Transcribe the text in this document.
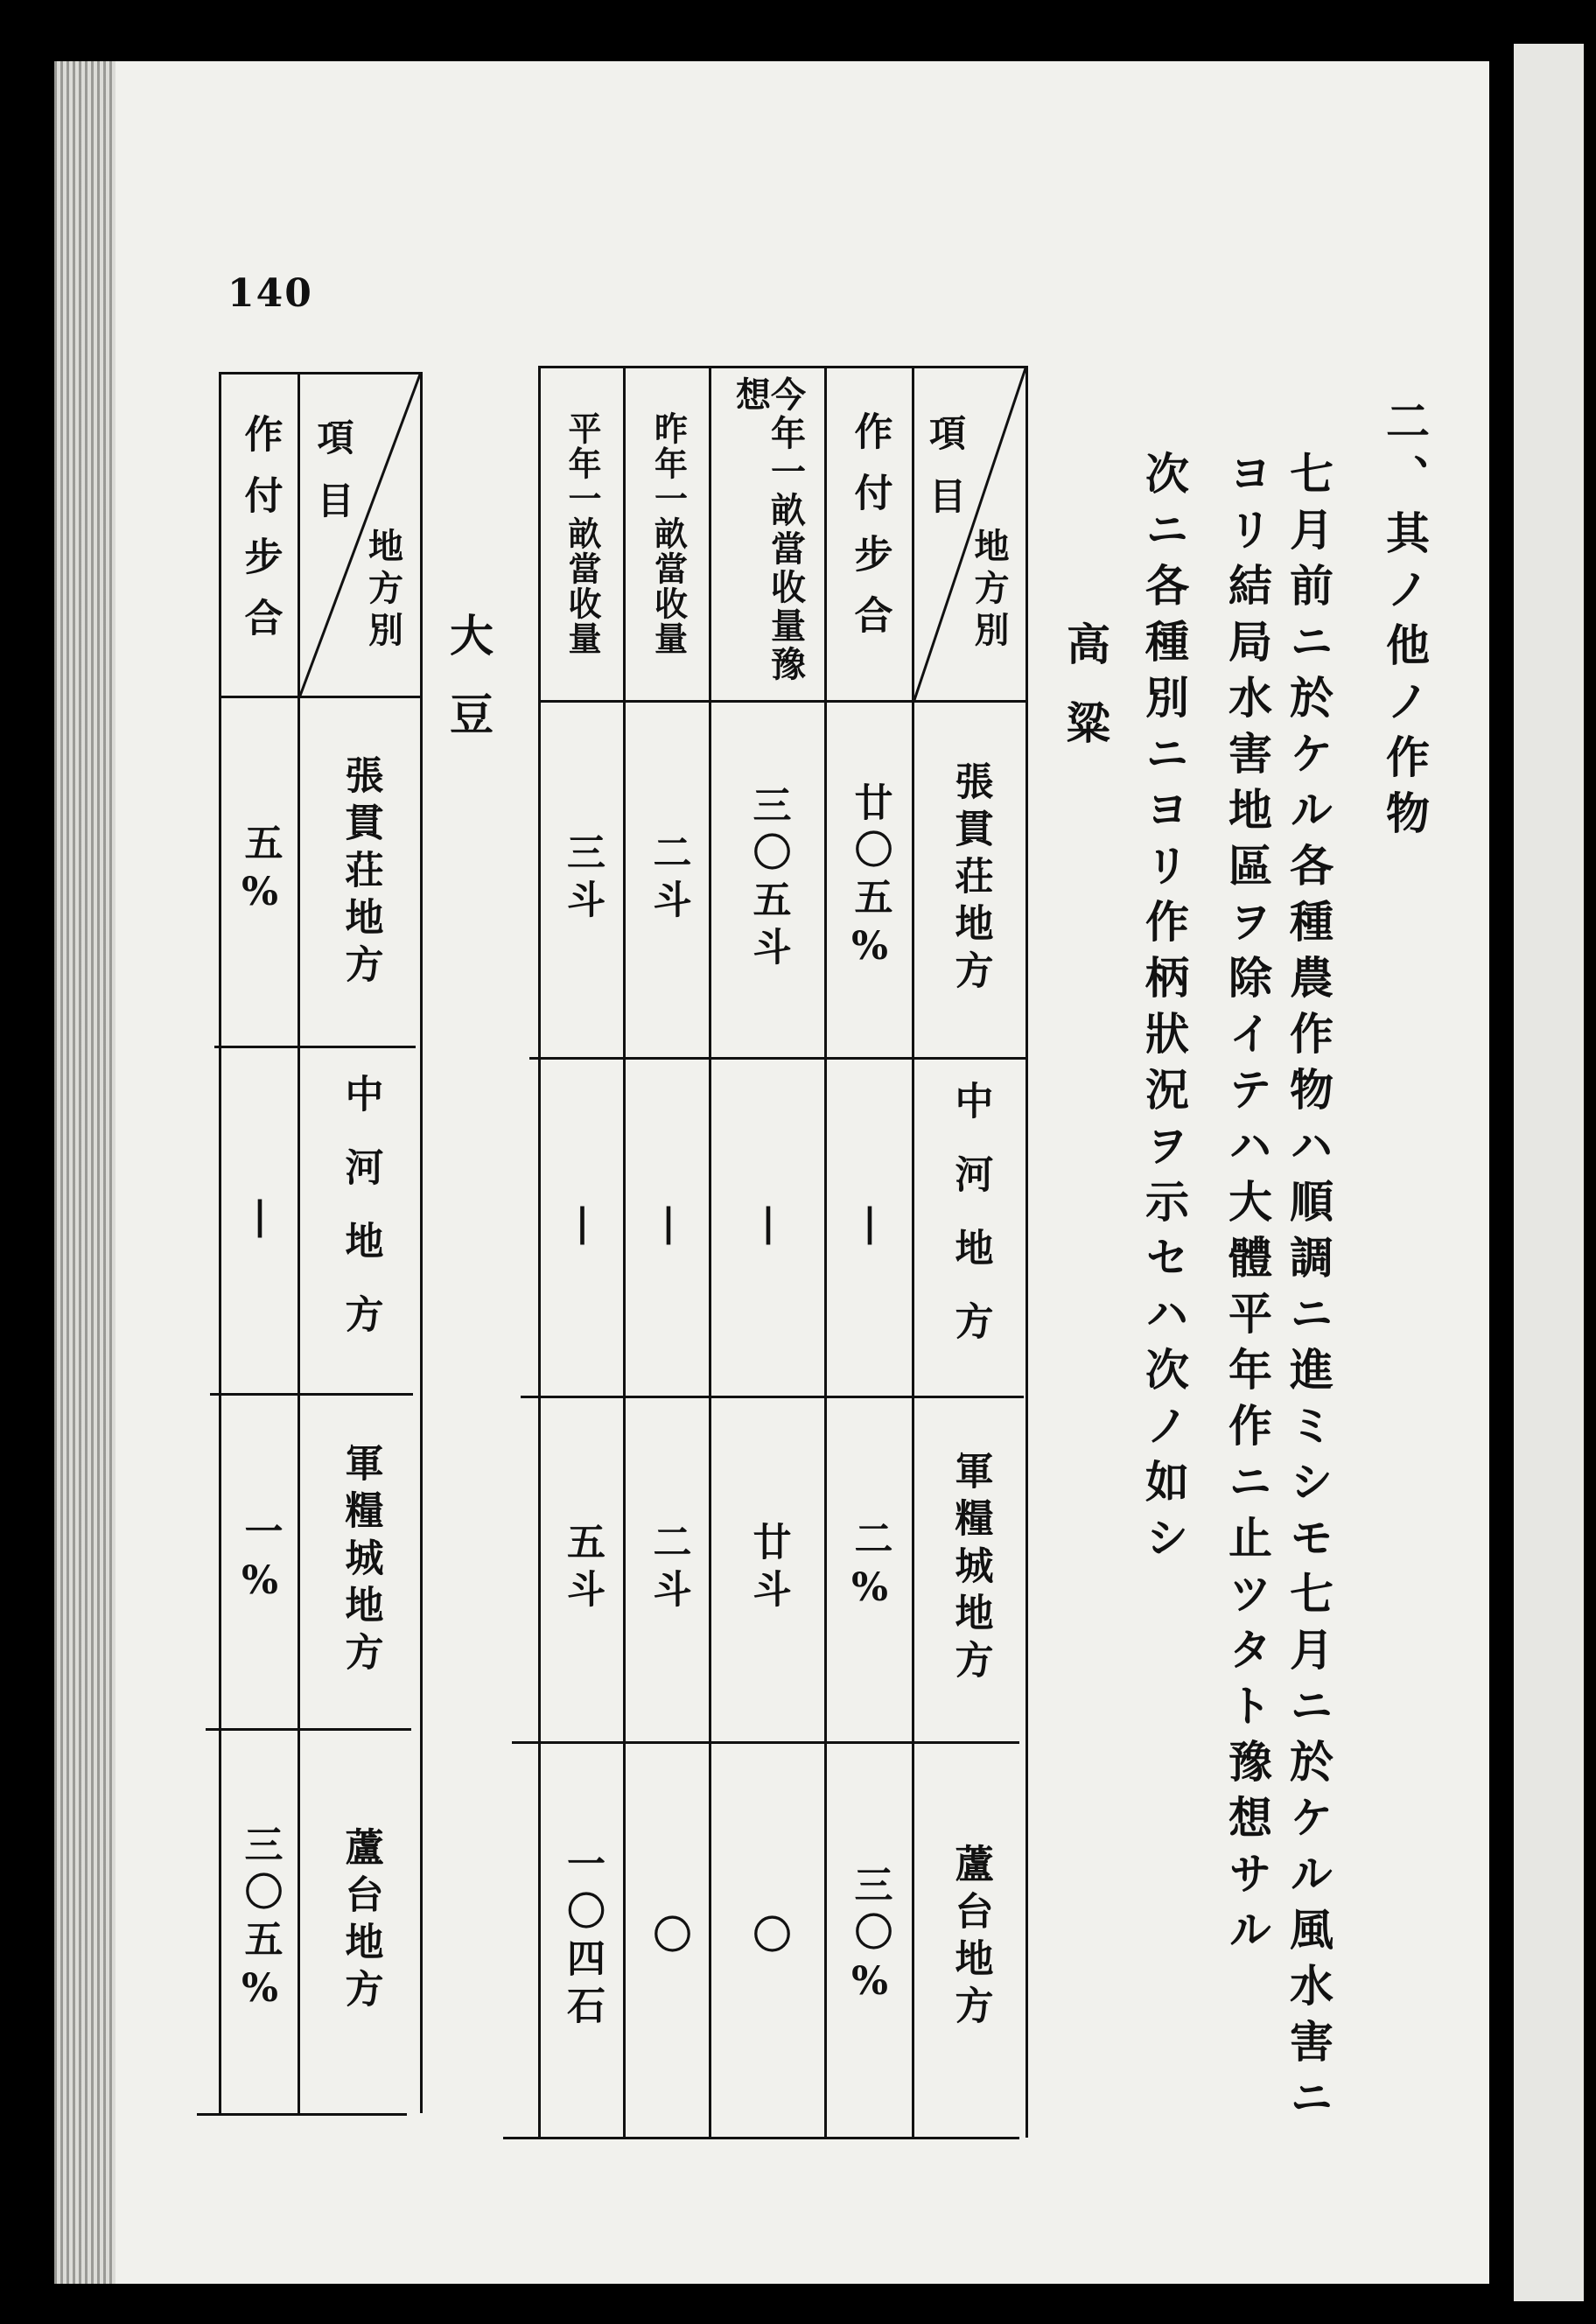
140
二、其ノ他ノ作物
七月前ニ於ケル各種農作物ハ順調ニ進ミシモ七月ニ於ケル風水害ニ
ヨリ結局水害地區ヲ除イテハ大體平年作ニ止ツタト豫想サル
次ニ各種別ニヨリ作柄狀況ヲ示セハ次ノ如シ
高粱
大豆
項目
地方別
作付步合
今年一畝當收量豫想
昨年一畝當收量
平年一畝當收量
張貫荘地方
廿〇五%
三〇五斗
二斗
三斗
中河地方
|
|
|
|
軍糧城地方
二%
廿斗
二斗
五斗
蘆台地方
三〇%
〇
〇
一〇四石
項目
地方別
作付步合
張貫荘地方
五%
中河地方
|
軍糧城地方
一%
蘆台地方
三〇五%
